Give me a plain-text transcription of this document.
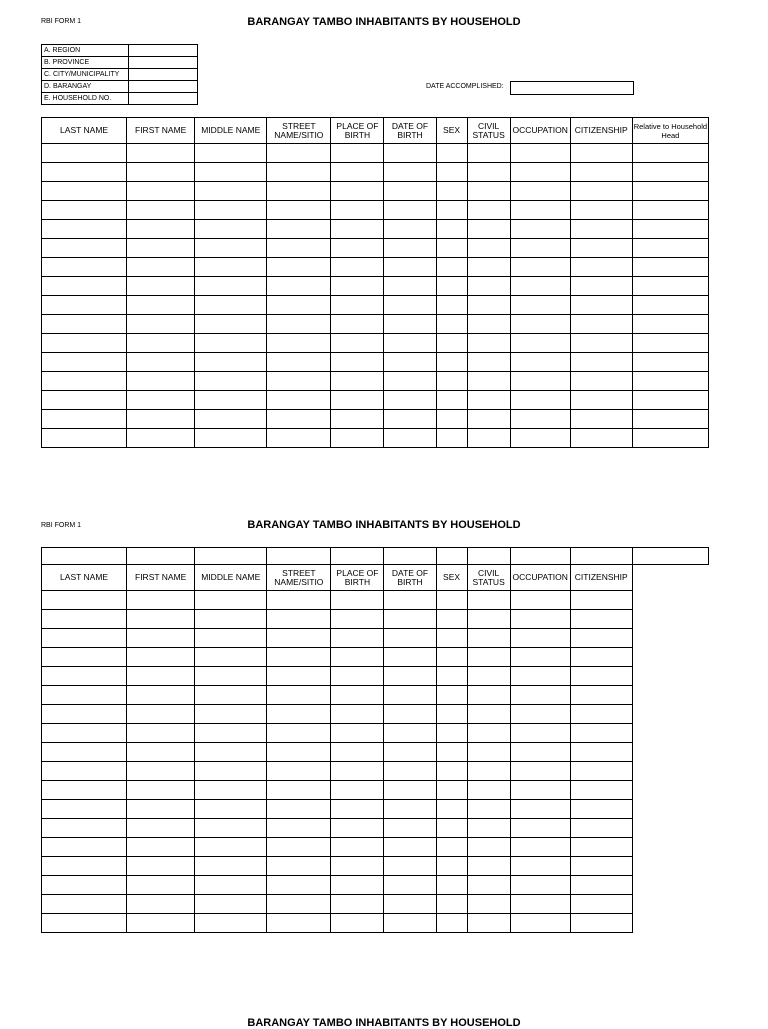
RBI FORM 1	BARANGAY TAMBO INHABITANTS BY HOUSEHOLD
A. REGION	
B. PROVINCE	
C. CITY/MUNICIPALITY	
D. BARANGAY	
E. HOUSEHOLD NO.	
DATE ACCOMPLISHED:
LAST NAME	FIRST NAME	MIDDLE NAME	STREET NAME/SITIO	PLACE OF BIRTH	DATE OF BIRTH	SEX	CIVIL STATUS	OCCUPATION	CITIZENSHIP	Relative to Household Head

RBI FORM 1	BARANGAY TAMBO INHABITANTS BY HOUSEHOLD

LAST NAME	FIRST NAME	MIDDLE NAME	STREET NAME/SITIO	PLACE OF BIRTH	DATE OF BIRTH	SEX	CIVIL STATUS	OCCUPATION	CITIZENSHIP	

BARANGAY TAMBO INHABITANTS BY HOUSEHOLD
